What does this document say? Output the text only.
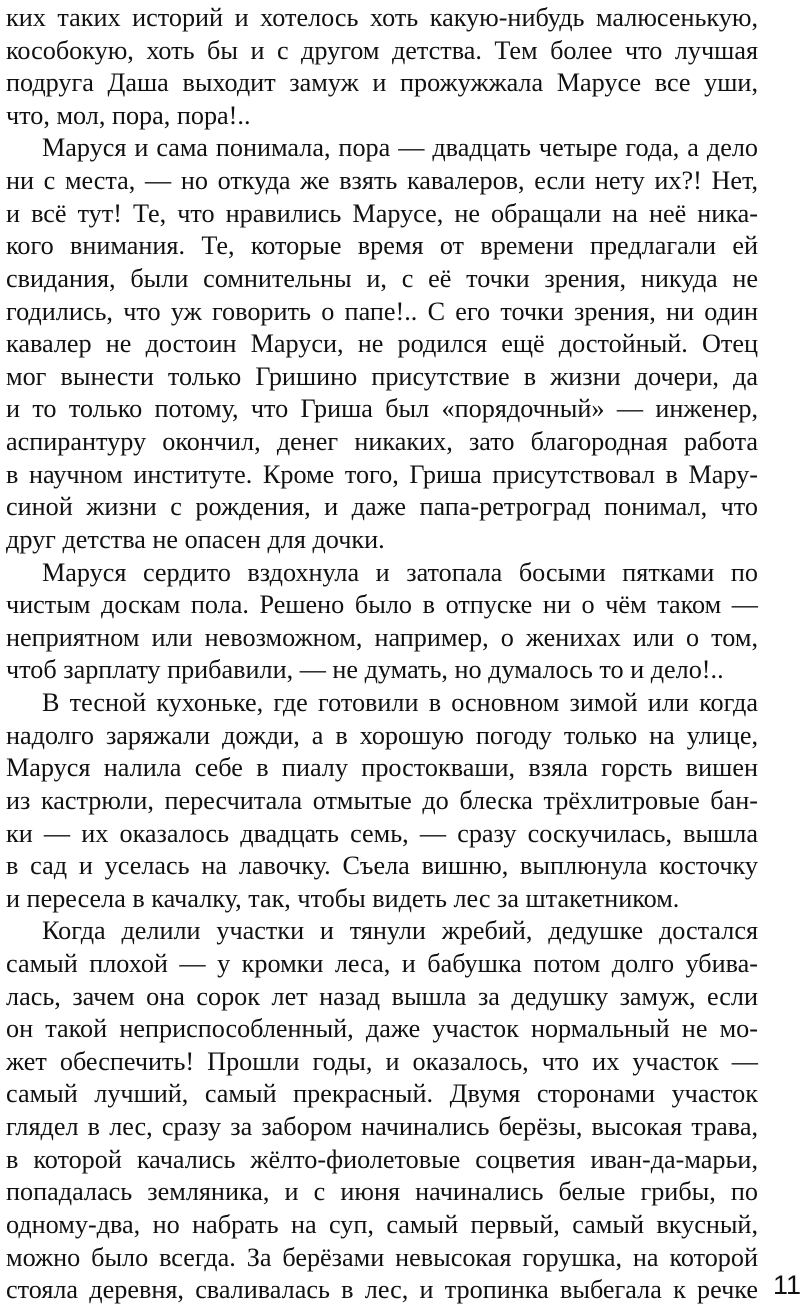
ких таких историй и хотелось хоть какую-нибудь малюсенькую,
кособокую, хоть бы и с другом детства. Тем более что лучшая
подруга Даша выходит замуж и прожужжала Марусе все уши,
что, мол, пора, пора!..
Маруся и сама понимала, пора — двадцать четыре года, а дело
ни с места, — но откуда же взять кавалеров, если нету их?! Нет,
и всё тут! Те, что нравились Марусе, не обращали на неё ника-
кого внимания. Те, которые время от времени предлагали ей
свидания, были сомнительны и, с её точки зрения, никуда не
годились, что уж говорить о папе!.. С его точки зрения, ни один
кавалер не достоин Маруси, не родился ещё достойный. Отец
мог вынести только Гришино присутствие в жизни дочери, да
и то только потому, что Гриша был «порядочный» — инженер,
аспирантуру окончил, денег никаких, зато благородная работа
в научном институте. Кроме того, Гриша присутствовал в Мару-
синой жизни с рождения, и даже папа-ретроград понимал, что
друг детства не опасен для дочки.
Маруся сердито вздохнула и затопала босыми пятками по
чистым доскам пола. Решено было в отпуске ни о чём таком —
неприятном или невозможном, например, о женихах или о том,
чтоб зарплату прибавили, — не думать, но думалось то и дело!..
В тесной кухоньке, где готовили в основном зимой или когда
надолго заряжали дожди, а в хорошую погоду только на улице,
Маруся налила себе в пиалу простокваши, взяла горсть вишен
из кастрюли, пересчитала отмытые до блеска трёхлитровые бан-
ки — их оказалось двадцать семь, — сразу соскучилась, вышла
в сад и уселась на лавочку. Съела вишню, выплюнула косточку
и пересела в качалку, так, чтобы видеть лес за штакетником.
Когда делили участки и тянули жребий, дедушке достался
самый плохой — у кромки леса, и бабушка потом долго убива-
лась, зачем она сорок лет назад вышла за дедушку замуж, если
он такой неприспособленный, даже участок нормальный не мо-
жет обеспечить! Прошли годы, и оказалось, что их участок —
самый лучший, самый прекрасный. Двумя сторонами участок
глядел в лес, сразу за забором начинались берёзы, высокая трава,
в которой качались жёлто-фиолетовые соцветия иван-да-марьи,
попадалась земляника, и с июня начинались белые грибы, по
одному-два, но набрать на суп, самый первый, самый вкусный,
можно было всегда. За берёзами невысокая горушка, на которой
стояла деревня, сваливалась в лес, и тропинка выбегала к речке 11
